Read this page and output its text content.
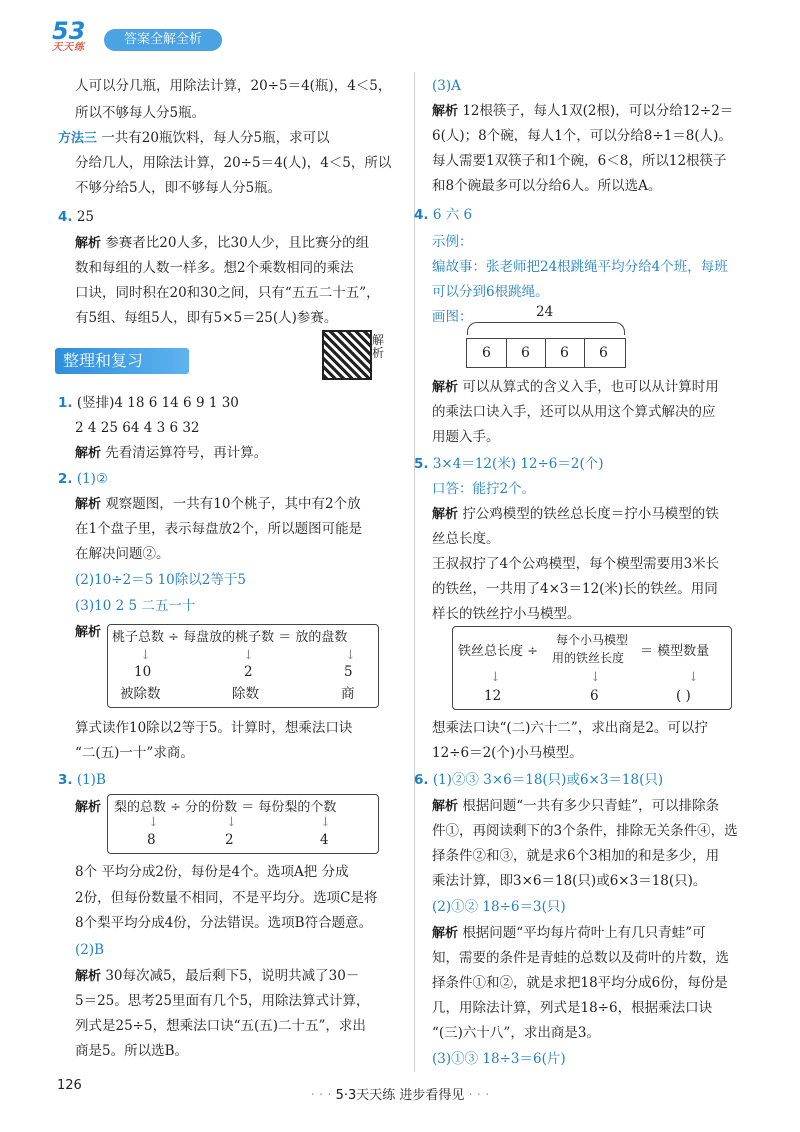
53
天天练
答案全解全析
人可以分几瓶，用除法计算，20÷5＝4(瓶)，4＜5，
所以不够每人分5瓶。
方法三 一共有20瓶饮料，每人分5瓶，求可以
分给几人，用除法计算，20÷5＝4(人)，4＜5，所以
不够分给5人，即不够每人分5瓶。
4. 25
解析 参赛者比20人多，比30人少，且比赛分的组
数和每组的人数一样多。想2个乘数相同的乘法
口诀，同时积在20和30之间，只有“五五二十五”，
有5组、每组5人，即有5×5＝25(人)参赛。
整理和复习
解析
1. (竖排)4 18 6 14 6 9 1 30
2 4 25 64 4 3 6 32
解析 先看清运算符号，再计算。
2. (1)②
解析 观察题图，一共有10个桃子，其中有2个放
在1个盘子里，表示每盘放2个，所以题图可能是
在解决问题②。
(2)10÷2＝5 10除以2等于5
(3)10 2 5 二五一十
解析 桃子总数 ÷ 每盘放的桃子数 ＝ 放的盘数
↓	↓	↓
10	2	5
被除数	除数	商
算式读作10除以2等于5。计算时，想乘法口诀
“二(五)一十”求商。
3. (1)B
解析 梨的总数 ÷ 分的份数 ＝ 每份梨的个数
↓	↓	↓
8	2	4
8个 平均分成2份，每份是4个。选项A把 分成
2份，但每份数量不相同，不是平均分。选项C是将
8个梨平均分成4份，分法错误。选项B符合题意。
(2)B
解析 30每次减5，最后剩下5，说明共减了30－
5＝25。思考25里面有几个5，用除法算式计算，
列式是25÷5，想乘法口诀“五(五)二十五”，求出
商是5。所以选B。
(3)A
解析 12根筷子，每人1双(2根)，可以分给12÷2＝
6(人)；8个碗，每人1个，可以分给8÷1＝8(人)。
每人需要1双筷子和1个碗，6＜8，所以12根筷子
和8个碗最多可以分给6人。所以选A。
4. 6 六 6
示例：
编故事：张老师把24根跳绳平均分给4个班，每班
可以分到6根跳绳。
画图：	24
6	6	6	6
解析 可以从算式的含义入手，也可以从计算时用
的乘法口诀入手，还可以从用这个算式解决的应
用题入手。
5. 3×4＝12(米) 12÷6＝2(个)
口答：能拧2个。
解析 拧公鸡模型的铁丝总长度＝拧小马模型的铁
丝总长度。
王叔叔拧了4个公鸡模型，每个模型需要用3米长
的铁丝，一共用了4×3＝12(米)长的铁丝。用同
样长的铁丝拧小马模型。
铁丝总长度 ÷
每个小马模型
用的铁丝长度 ＝ 模型数量
↓	↓	↓
12	6	( )
想乘法口诀“(二)六十二”，求出商是2。可以拧
12÷6＝2(个)小马模型。
6. (1)②③ 3×6＝18(只)或6×3＝18(只)
解析 根据问题“一共有多少只青蛙”，可以排除条
件①，再阅读剩下的3个条件，排除无关条件④，选
择条件②和③，就是求6个3相加的和是多少，用
乘法计算，即3×6＝18(只)或6×3＝18(只)。
(2)①② 18÷6＝3(只)
解析 根据问题“平均每片荷叶上有几只青蛙”可
知，需要的条件是青蛙的总数以及荷叶的片数，选
择条件①和②，就是求把18平均分成6份，每份是
几，用除法计算，列式是18÷6，根据乘法口诀
“(三)六十八”，求出商是3。
(3)①③ 18÷3＝6(片)
126
· · · 5·3天天练 进步看得见 · · ·
